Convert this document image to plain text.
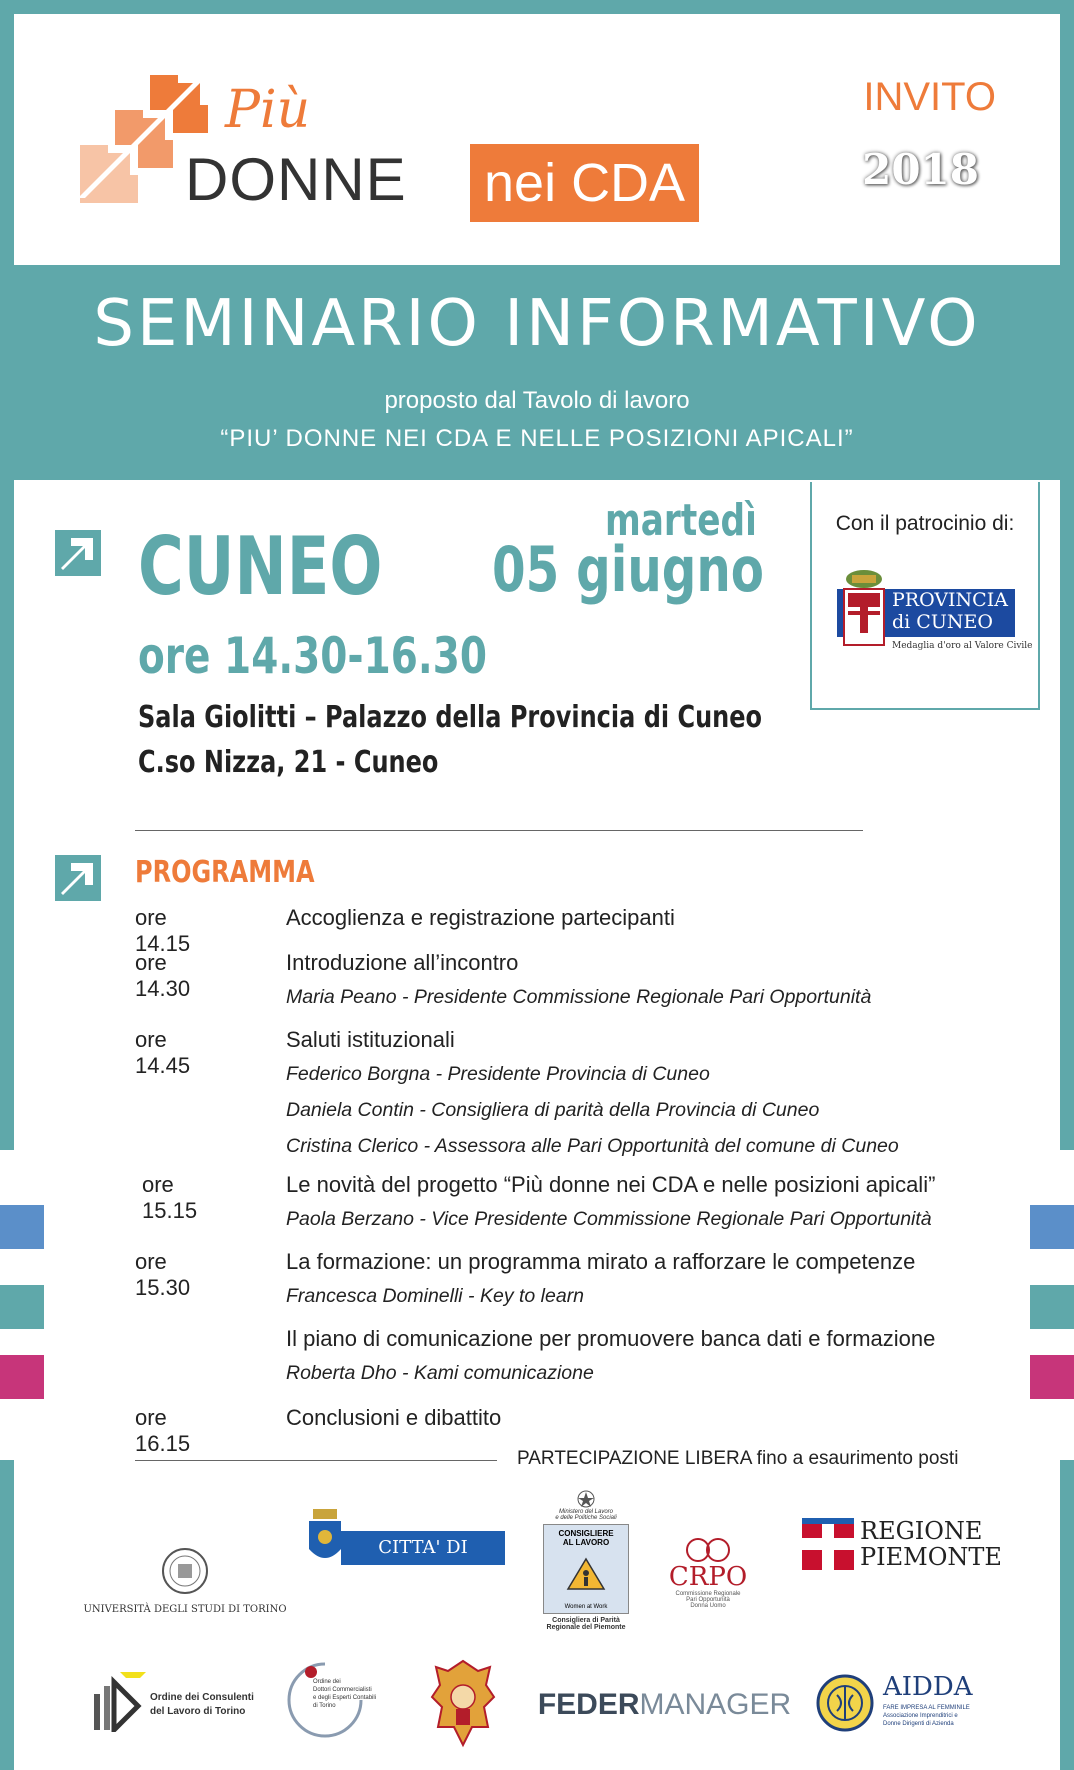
Più
DONNE nei CDA
INVITO
2018
SEMINARIO INFORMATIVO
proposto dal Tavolo di lavoro
“PIU’ DONNE NEI CDA E NELLE POSIZIONI APICALI”
CUNEO	martedì
05 giugno
ore 14.30-16.30
Sala Giolitti – Palazzo della Provincia di Cuneo
C.so Nizza, 21 - Cuneo
Con il patrocinio di:
PROVINCIA
di CUNEO
Medaglia d'oro al Valore Civile
PROGRAMMA
ore 14.15
Accoglienza e registrazione partecipanti
ore 14.30
Introduzione all’incontro
Maria Peano - Presidente Commissione Regionale Pari Opportunità
ore 14.45
Saluti istituzionali
Federico Borgna - Presidente Provincia di Cuneo
Daniela Contin - Consigliera di parità della Provincia di Cuneo
Cristina Clerico - Assessora alle Pari Opportunità del comune di Cuneo
ore 15.15
Le novità del progetto “Più donne nei CDA e nelle posizioni apicali”
Paola Berzano - Vice Presidente Commissione Regionale Pari Opportunità
ore 15.30
La formazione: un programma mirato a rafforzare le competenze
Francesca Dominelli - Key to learn
Il piano di comunicazione per promuovere banca dati e formazione
Roberta Dho - Kami comunicazione
ore 16.15
Conclusioni e dibattito
PARTECIPAZIONE LIBERA fino a esaurimento posti
UNIVERSITÀ DEGLI STUDI DI TORINO
CITTA' DI TORINO
Ministero del Lavoro
e delle Politiche Sociali
CONSIGLIERE
AL LAVORO
Women at Work
Consigliera di Parità
Regionale del Piemonte
CRPO
Commissione Regionale
Pari Opportunità
Donna Uomo
REGIONE
PIEMONTE
Ordine dei Consulenti
del Lavoro di Torino
Ordine dei
Dottori Commercialisti
e degli Esperti Contabili
di Torino	FEDER MANAGER
AIDDA
FARE IMPRESA AL FEMMINILE
Associazione Imprenditrici e
Donne Dirigenti di Azienda
